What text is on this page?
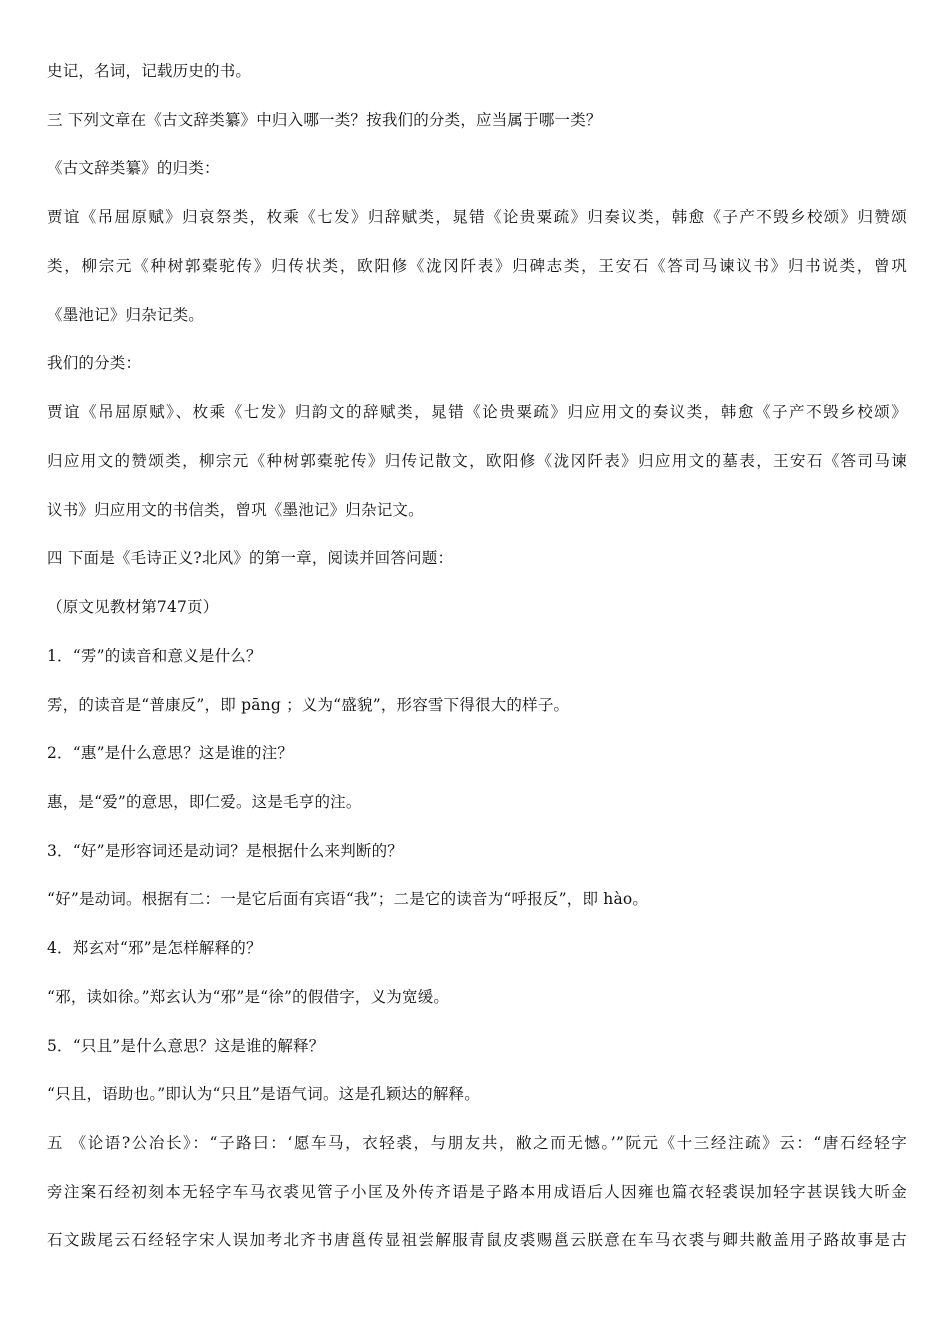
史记，名词，记载历史的书。

三 下列文章在《古文辞类纂》中归入哪一类？按我们的分类，应当属于哪一类？

《古文辞类纂》的归类：

贾谊《吊屈原赋》归哀祭类，枚乘《七发》归辞赋类，晁错《论贵粟疏》归奏议类，韩愈《子产不毁乡校颂》归赞颂

类，柳宗元《种树郭橐驼传》归传状类，欧阳修《泷冈阡表》归碑志类，王安石《答司马谏议书》归书说类，曾巩

《墨池记》归杂记类。

我们的分类：

贾谊《吊屈原赋》、枚乘《七发》归韵文的辞赋类，晁错《论贵粟疏》归应用文的奏议类，韩愈《子产不毁乡校颂》

归应用文的赞颂类，柳宗元《种树郭橐驼传》归传记散文，欧阳修《泷冈阡表》归应用文的墓表，王安石《答司马谏

议书》归应用文的书信类，曾巩《墨池记》归杂记文。

四 下面是《毛诗正义?北风》的第一章，阅读并回答问题：

（原文见教材第747页）

1．“雱”的读音和意义是什么？

雱，的读音是“普康反”，即 pāng ；义为“盛貌”，形容雪下得很大的样子。

2．“惠”是什么意思？这是谁的注？

惠，是“爱”的意思，即仁爱。这是毛亨的注。

3．“好”是形容词还是动词？是根据什么来判断的？

“好”是动词。根据有二：一是它后面有宾语“我”；二是它的读音为“呼报反”，即 hào。

4．郑玄对“邪”是怎样解释的？

“邪，读如徐。”郑玄认为“邪”是“徐”的假借字，义为宽缓。

5．“只且”是什么意思？这是谁的解释？

“只且，语助也。”即认为“只且”是语气词。这是孔颖达的解释。

五 《论语?公冶长》：“子路曰：‘愿车马，衣轻裘，与朋友共，敝之而无憾。’”阮元《十三经注疏》云：“唐石经轻字

旁注案石经初刻本无轻字车马衣裘见管子小匡及外传齐语是子路本用成语后人因雍也篇衣轻裘误加轻字甚误钱大昕金

石文跋尾云石经轻字宋人误加考北齐书唐邕传显祖尝解服青鼠皮裘赐邕云朕意在车马衣裘与卿共敝盖用子路故事是古
